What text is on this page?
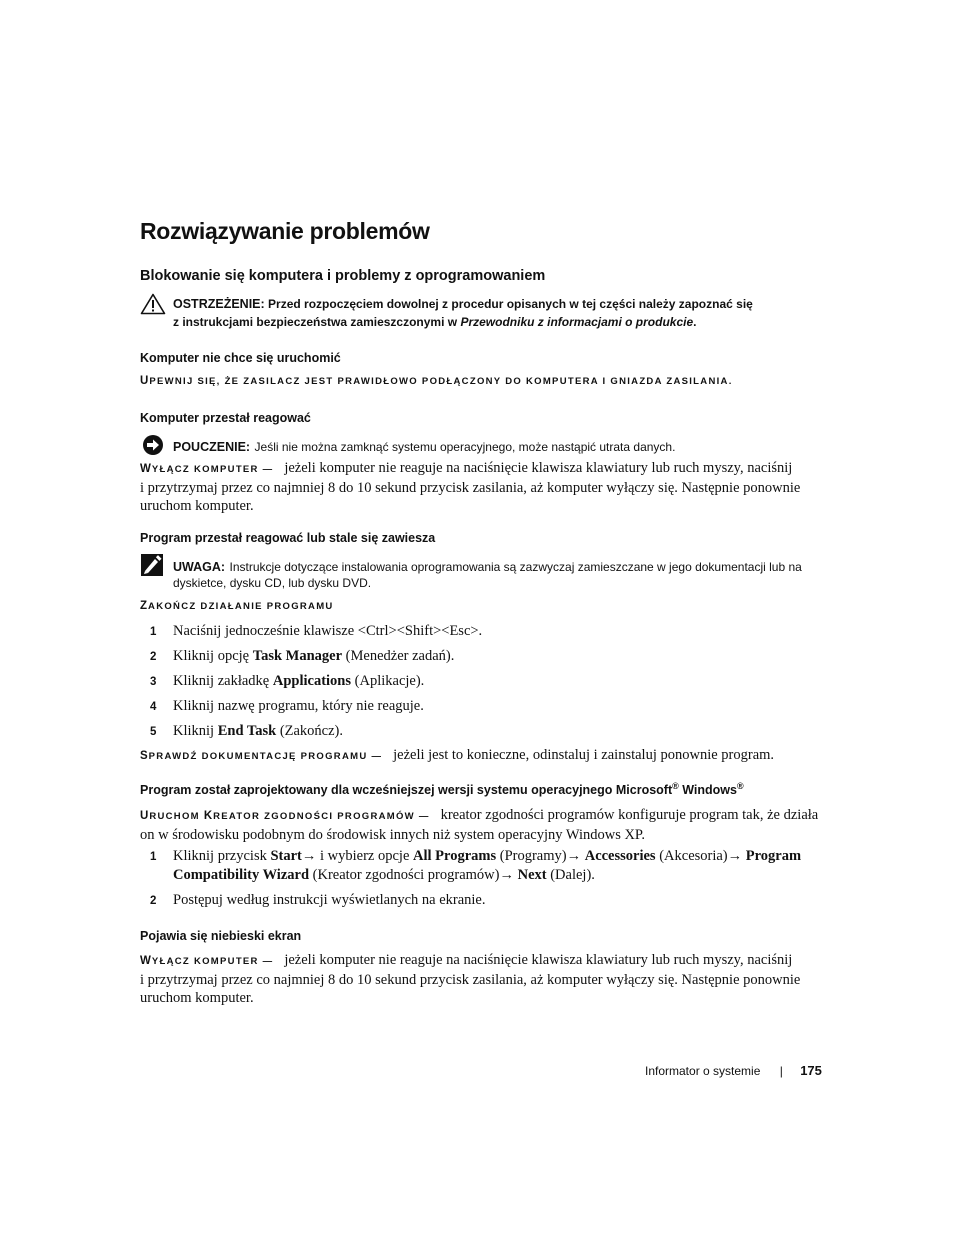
Rozwiązywanie problemów
Blokowanie się komputera i problemy z oprogramowaniem
OSTRZEŻENIE: Przed rozpoczęciem dowolnej z procedur opisanych w tej części należy zapoznać się
z instrukcjami bezpieczeństwa zamieszczonymi w Przewodniku z informacjami o produkcie.
Komputer nie chce się uruchomić
UPEWNIJ SIĘ, ŻE ZASILACZ JEST PRAWIDŁOWO PODŁĄCZONY DO KOMPUTERA I GNIAZDA ZASILANIA.
Komputer przestał reagować
POUCZENIE: Jeśli nie można zamknąć systemu operacyjnego, może nastąpić utrata danych.
WYŁĄCZ KOMPUTER — jeżeli komputer nie reaguje na naciśnięcie klawisza klawiatury lub ruch myszy, naciśnij
i przytrzymaj przez co najmniej 8 do 10 sekund przycisk zasilania, aż komputer wyłączy się. Następnie ponownie
uruchom komputer.
Program przestał reagować lub stale się zawiesza
UWAGA: Instrukcje dotyczące instalowania oprogramowania są zazwyczaj zamieszczane w jego dokumentacji lub na
dyskietce, dysku CD, lub dysku DVD.
ZAKOŃCZ DZIAŁANIE PROGRAMU
1	Naciśnij jednocześnie klawisze <Ctrl><Shift><Esc>.
2	Kliknij opcję Task Manager (Menedżer zadań).
3	Kliknij zakładkę Applications (Aplikacje).
4	Kliknij nazwę programu, który nie reaguje.
5	Kliknij End Task (Zakończ).
SPRAWDŹ DOKUMENTACJĘ PROGRAMU — jeżeli jest to konieczne, odinstaluj i zainstaluj ponownie program.
Program został zaprojektowany dla wcześniejszej wersji systemu operacyjnego Microsoft® Windows®
URUCHOM KREATOR ZGODNOŚCI PROGRAMÓW — kreator zgodności programów konfiguruje program tak, że działa
on w środowisku podobnym do środowisk innych niż system operacyjny Windows XP.
1	Kliknij przycisk Start→ i wybierz opcje All Programs (Programy)→ Accessories (Akcesoria)→ Program
Compatibility Wizard (Kreator zgodności programów)→ Next (Dalej).
2	Postępuj według instrukcji wyświetlanych na ekranie.
Pojawia się niebieski ekran
WYŁĄCZ KOMPUTER — jeżeli komputer nie reaguje na naciśnięcie klawisza klawiatury lub ruch myszy, naciśnij
i przytrzymaj przez co najmniej 8 do 10 sekund przycisk zasilania, aż komputer wyłączy się. Następnie ponownie
uruchom komputer.
Informator o systemie | 175
